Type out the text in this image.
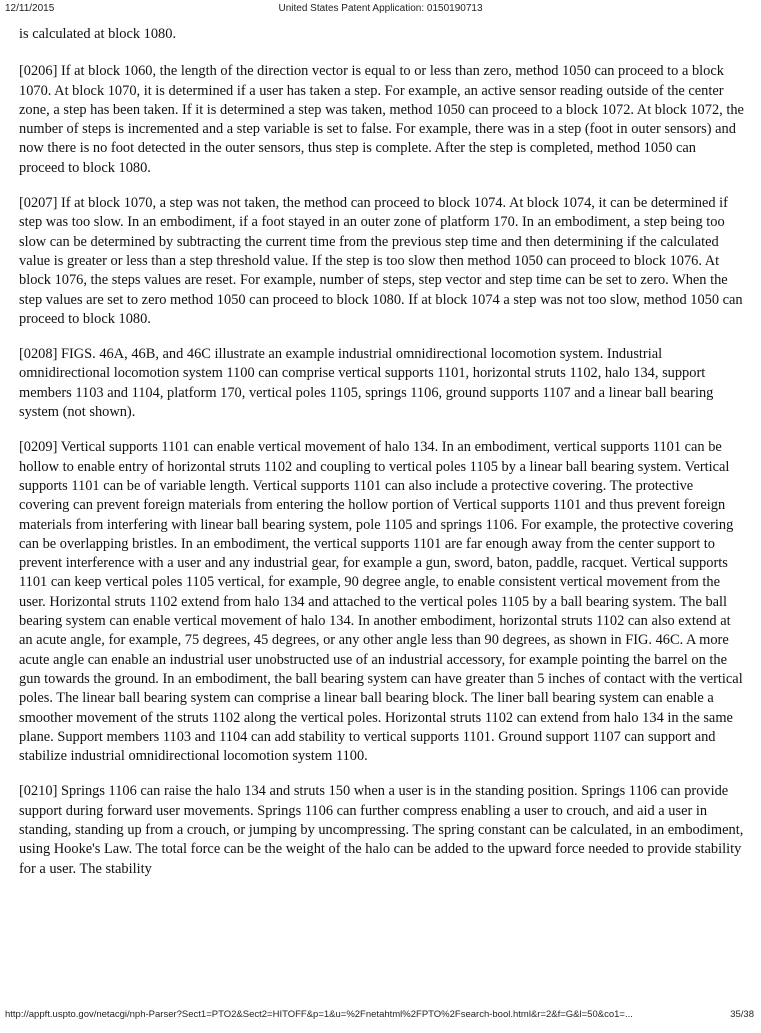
12/11/2015	United States Patent Application: 0150190713

is calculated at block 1080.

[0206] If at block 1060, the length of the direction vector is equal to or less than zero, method 1050 can proceed to a block 1070. At block 1070, it is determined if a user has taken a step. For example, an active sensor reading outside of the center zone, a step has been taken. If it is determined a step was taken, method 1050 can proceed to a block 1072. At block 1072, the number of steps is incremented and a step variable is set to false. For example, there was in a step (foot in outer sensors) and now there is no foot detected in the outer sensors, thus step is complete. After the step is completed, method 1050 can proceed to block 1080.

[0207] If at block 1070, a step was not taken, the method can proceed to block 1074. At block 1074, it can be determined if step was too slow. In an embodiment, if a foot stayed in an outer zone of platform 170. In an embodiment, a step being too slow can be determined by subtracting the current time from the previous step time and then determining if the calculated value is greater or less than a step threshold value. If the step is too slow then method 1050 can proceed to block 1076. At block 1076, the steps values are reset. For example, number of steps, step vector and step time can be set to zero. When the step values are set to zero method 1050 can proceed to block 1080. If at block 1074 a step was not too slow, method 1050 can proceed to block 1080.

[0208] FIGS. 46A, 46B, and 46C illustrate an example industrial omnidirectional locomotion system. Industrial omnidirectional locomotion system 1100 can comprise vertical supports 1101, horizontal struts 1102, halo 134, support members 1103 and 1104, platform 170, vertical poles 1105, springs 1106, ground supports 1107 and a linear ball bearing system (not shown).

[0209] Vertical supports 1101 can enable vertical movement of halo 134. In an embodiment, vertical supports 1101 can be hollow to enable entry of horizontal struts 1102 and coupling to vertical poles 1105 by a linear ball bearing system. Vertical supports 1101 can be of variable length. Vertical supports 1101 can also include a protective covering. The protective covering can prevent foreign materials from entering the hollow portion of Vertical supports 1101 and thus prevent foreign materials from interfering with linear ball bearing system, pole 1105 and springs 1106. For example, the protective covering can be overlapping bristles. In an embodiment, the vertical supports 1101 are far enough away from the center support to prevent interference with a user and any industrial gear, for example a gun, sword, baton, paddle, racquet. Vertical supports 1101 can keep vertical poles 1105 vertical, for example, 90 degree angle, to enable consistent vertical movement from the user. Horizontal struts 1102 extend from halo 134 and attached to the vertical poles 1105 by a ball bearing system. The ball bearing system can enable vertical movement of halo 134. In another embodiment, horizontal struts 1102 can also extend at an acute angle, for example, 75 degrees, 45 degrees, or any other angle less than 90 degrees, as shown in FIG. 46C. A more acute angle can enable an industrial user unobstructed use of an industrial accessory, for example pointing the barrel on the gun towards the ground. In an embodiment, the ball bearing system can have greater than 5 inches of contact with the vertical poles. The linear ball bearing system can comprise a linear ball bearing block. The liner ball bearing system can enable a smoother movement of the struts 1102 along the vertical poles. Horizontal struts 1102 can extend from halo 134 in the same plane. Support members 1103 and 1104 can add stability to vertical supports 1101. Ground support 1107 can support and stabilize industrial omnidirectional locomotion system 1100.

[0210] Springs 1106 can raise the halo 134 and struts 150 when a user is in the standing position. Springs 1106 can provide support during forward user movements. Springs 1106 can further compress enabling a user to crouch, and aid a user in standing, standing up from a crouch, or jumping by uncompressing. The spring constant can be calculated, in an embodiment, using Hooke's Law. The total force can be the weight of the halo can be added to the upward force needed to provide stability for a user. The stability

http://appft.uspto.gov/netacgi/nph-Parser?Sect1=PTO2&Sect2=HITOFF&p=1&u=%2Fnetahtml%2FPTO%2Fsearch-bool.html&r=2&f=G&l=50&co1=...	35/38
